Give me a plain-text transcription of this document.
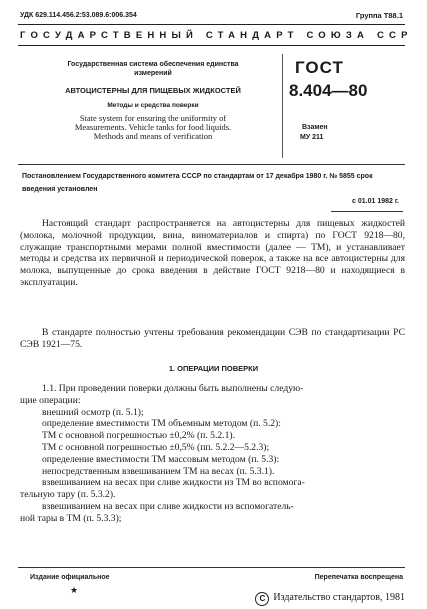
УДК 629.114.456.2:53.089.6:006.354	Группа Т88.1
ГОСУДАРСТВЕННЫЙ СТАНДАРТ СОЮЗА ССР
Государственная система обеспечения единства
измерений
АВТОЦИСТЕРНЫ ДЛЯ ПИЩЕВЫХ ЖИДКОСТЕЙ
Методы и средства поверки
State system for ensuring the uniformity of
Measurements. Vehicle tanks for food liquids.
Methods and means of verification
ГОСТ
8.404—80
Взамен
МУ 211
Постановлением Государственного комитета СССР по стандартам от 17 декабря 1980 г. № 5855 срок введения установлен
с 01.01 1982 г.
Настоящий стандарт распространяется на автоцистерны для пищевых жидкостей (молока, молочной продукции, вина, виноматериалов и спирта) по ГОСТ 9218—80, служащие транспортными мерами полной вместимости (далее — ТМ), и устанавливает методы и средства их первичной и периодической поверок, а также на все автоцистерны для молока, выпущенные до срока введения в действие ГОСТ 9218—80 и находящиеся в эксплуатации.
В стандарте полностью учтены требования рекомендации СЭВ по стандартизации РС СЭВ 1921—75.
1. ОПЕРАЦИИ ПОВЕРКИ
1.1. При проведении поверки должны быть выполнены следую-
щие операции:
внешний осмотр (п. 5.1);
определение вместимости ТМ объемным методом (п. 5.2):
ТМ с основной погрешностью ±0,2% (п. 5.2.1).
ТМ с основной погрешностью ±0,5% (пп. 5.2.2—5.2.3);
определение вместимости ТМ массовым методом (п. 5.3):
непосредственным взвешиванием ТМ на весах (п. 5.3.1).
взвешиванием на весах при сливе жидкости из ТМ во вспомога-
тельную тару (п. 5.3.2).
взвешиванием на весах при сливе жидкости из вспомогатель-
ной тары в ТМ (п. 5.3.3);
Издание официальное	Перепечатка воспрещена
★
С Издательство стандартов, 1981
